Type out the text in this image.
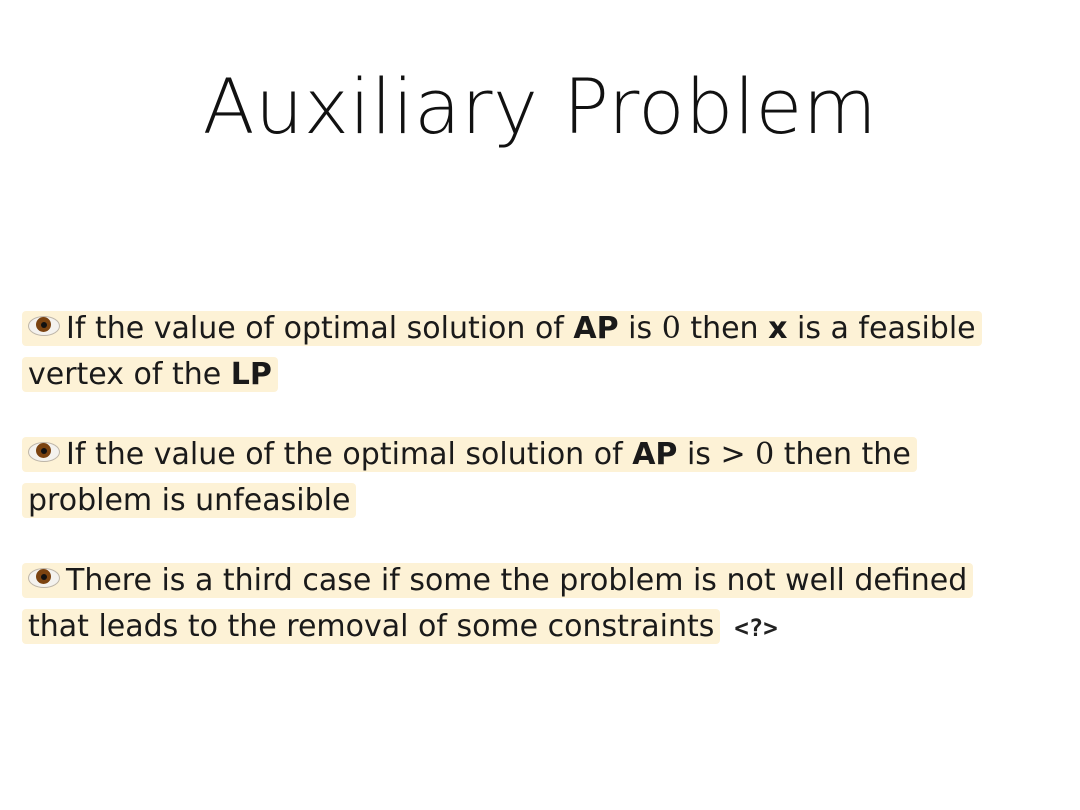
Auxiliary Problem
If the value of optimal solution of AP is 0 then x is a feasible vertex of the LP
If the value of the optimal solution of AP is > 0 then the problem is unfeasible
There is a third case if some the problem is not well defined that leads to the removal of some constraints <?>
